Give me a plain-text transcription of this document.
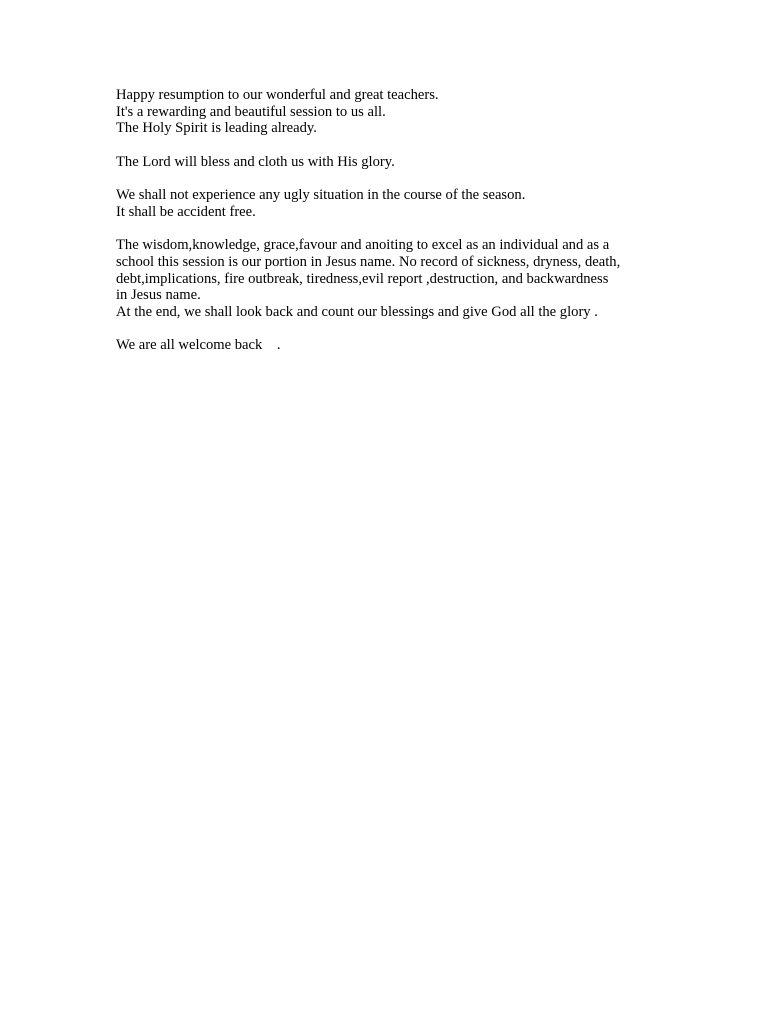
Happy resumption to our wonderful and great teachers.
It's a rewarding and beautiful session to us all.
The Holy Spirit is leading already.
The Lord will bless and cloth us with His glory.
We shall not experience any ugly situation in the course of the season.
It shall be accident free.
The wisdom,knowledge, grace,favour and anoiting to excel as an individual and as a
school this session is our portion in Jesus name. No record of sickness, dryness, death,
debt,implications, fire outbreak, tiredness,evil report ,destruction, and backwardness
in Jesus name.
At the end, we shall look back and count our blessings and give God all the glory .
We are all welcome back    .
